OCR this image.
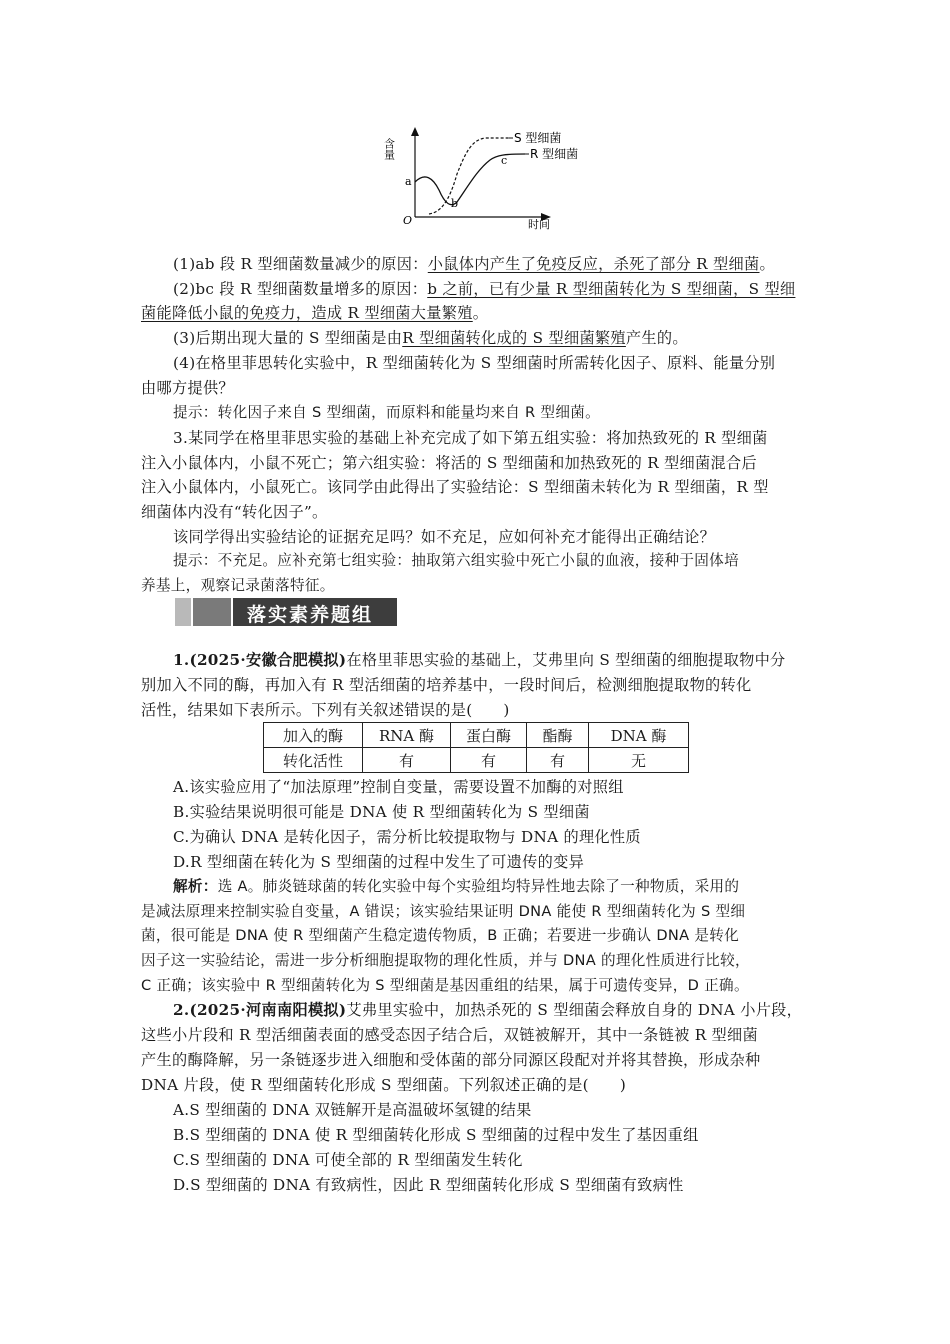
含量
O
a
b
c
S 型细菌
R 型细菌
时间
(1)ab 段 R 型细菌数量减少的原因：小鼠体内产生了免疫反应，杀死了部分 R 型细菌。
(2)bc 段 R 型细菌数量增多的原因：b 之前，已有少量 R 型细菌转化为 S 型细菌，S 型细
菌能降低小鼠的免疫力，造成 R 型细菌大量繁殖。
(3)后期出现大量的 S 型细菌是由R 型细菌转化成的 S 型细菌繁殖产生的。
(4)在格里菲思转化实验中，R 型细菌转化为 S 型细菌时所需转化因子、原料、能量分别
由哪方提供？
提示：转化因子来自 S 型细菌，而原料和能量均来自 R 型细菌。
3.某同学在格里菲思实验的基础上补充完成了如下第五组实验：将加热致死的 R 型细菌
注入小鼠体内，小鼠不死亡；第六组实验：将活的 S 型细菌和加热致死的 R 型细菌混合后
注入小鼠体内，小鼠死亡。该同学由此得出了实验结论：S 型细菌未转化为 R 型细菌，R 型
细菌体内没有“转化因子”。
该同学得出实验结论的证据充足吗？如不充足，应如何补充才能得出正确结论？
提示：不充足。应补充第七组实验：抽取第六组实验中死亡小鼠的血液，接种于固体培
养基上，观察记录菌落特征。
落实素养题组
1.(2025·安徽合肥模拟)在格里菲思实验的基础上，艾弗里向 S 型细菌的细胞提取物中分
别加入不同的酶，再加入有 R 型活细菌的培养基中，一段时间后，检测细胞提取物的转化
活性，结果如下表所示。下列有关叙述错误的是(　　)
加入的酶	RNA 酶	蛋白酶	酯酶	DNA 酶
转化活性	有	有	有	无
A.该实验应用了“加法原理”控制自变量，需要设置不加酶的对照组
B.实验结果说明很可能是 DNA 使 R 型细菌转化为 S 型细菌
C.为确认 DNA 是转化因子，需分析比较提取物与 DNA 的理化性质
D.R 型细菌在转化为 S 型细菌的过程中发生了可遗传的变异
解析：选 A。肺炎链球菌的转化实验中每个实验组均特异性地去除了一种物质，采用的
是减法原理来控制实验自变量，A 错误；该实验结果证明 DNA 能使 R 型细菌转化为 S 型细
菌，很可能是 DNA 使 R 型细菌产生稳定遗传物质，B 正确；若要进一步确认 DNA 是转化
因子这一实验结论，需进一步分析细胞提取物的理化性质，并与 DNA 的理化性质进行比较，
C 正确；该实验中 R 型细菌转化为 S 型细菌是基因重组的结果，属于可遗传变异，D 正确。
2.(2025·河南南阳模拟)艾弗里实验中，加热杀死的 S 型细菌会释放自身的 DNA 小片段，
这些小片段和 R 型活细菌表面的感受态因子结合后，双链被解开，其中一条链被 R 型细菌
产生的酶降解，另一条链逐步进入细胞和受体菌的部分同源区段配对并将其替换，形成杂种
DNA 片段，使 R 型细菌转化形成 S 型细菌。下列叙述正确的是(　　)
A.S 型细菌的 DNA 双链解开是高温破坏氢键的结果
B.S 型细菌的 DNA 使 R 型细菌转化形成 S 型细菌的过程中发生了基因重组
C.S 型细菌的 DNA 可使全部的 R 型细菌发生转化
D.S 型细菌的 DNA 有致病性，因此 R 型细菌转化形成 S 型细菌有致病性
